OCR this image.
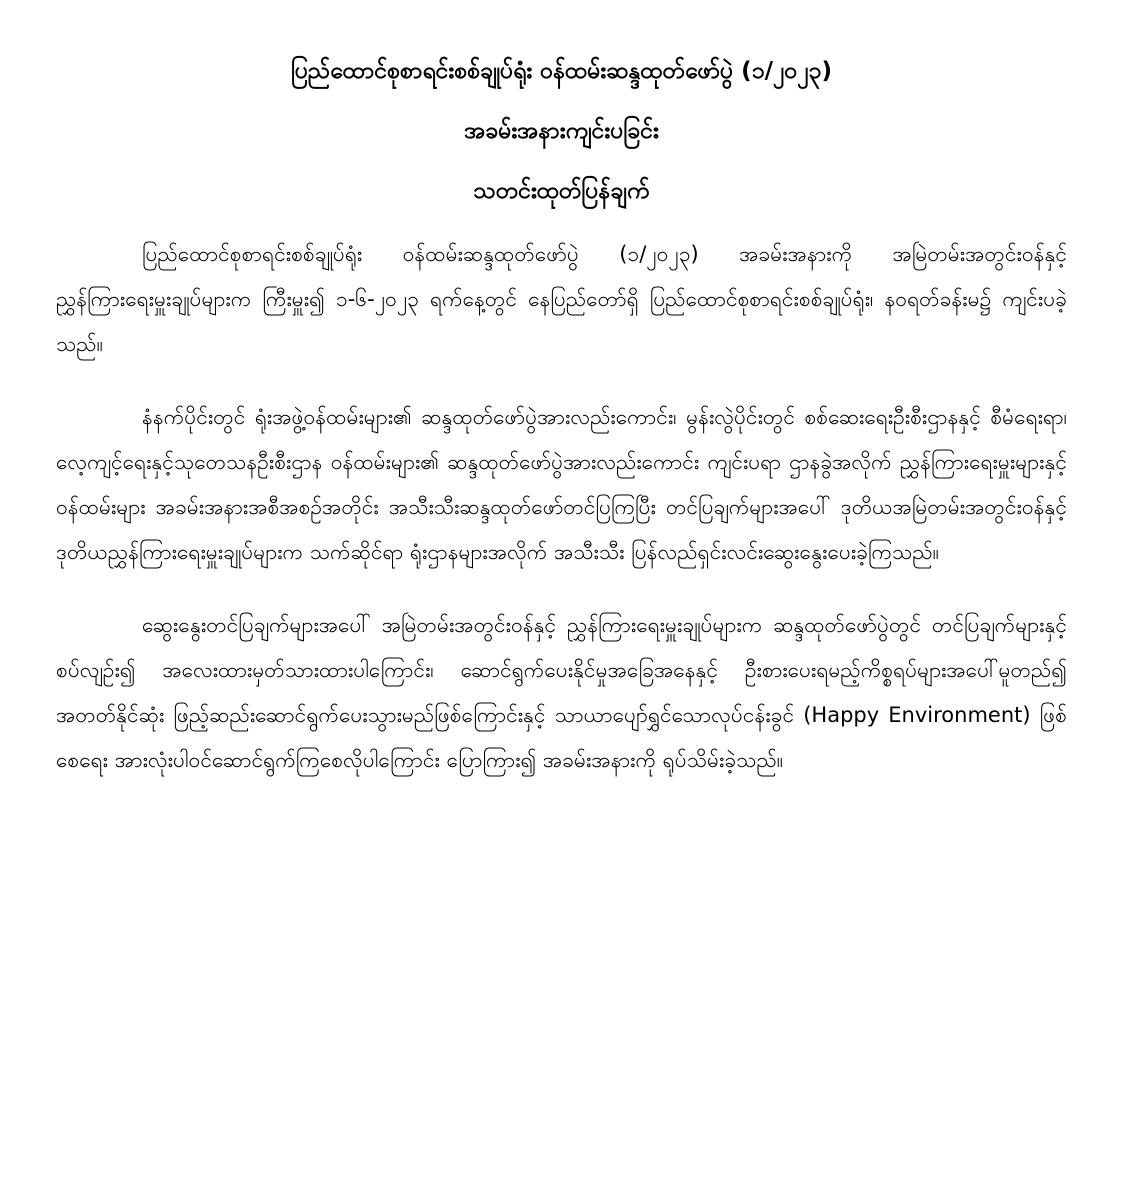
ပြည်ထောင်စုစာရင်းစစ်ချုပ်ရုံး ဝန်ထမ်းဆန္ဒထုတ်ဖော်ပွဲ (၁/၂၀၂၃)
အခမ်းအနားကျင်းပခြင်း
သတင်းထုတ်ပြန်ချက်

ပြည်ထောင်စုစာရင်းစစ်ချုပ်ရုံး ဝန်ထမ်းဆန္ဒထုတ်ဖော်ပွဲ (၁/၂၀၂၃) အခမ်းအနားကို အမြဲတမ်းအတွင်းဝန်နှင့် ညွှန်ကြားရေးမှူးချုပ်များက ကြီးမှူး၍ ၁-၆-၂၀၂၃ ရက်နေ့တွင် နေပြည်တော်ရှိ ပြည်ထောင်စုစာရင်းစစ်ချုပ်ရုံး၊ နဝရတ်ခန်းမ၌ ကျင်းပခဲ့သည်။

နံနက်ပိုင်းတွင် ရုံးအဖွဲ့ဝန်ထမ်းများ၏ ဆန္ဒထုတ်ဖော်ပွဲအားလည်းကောင်း၊ မွန်းလွဲပိုင်းတွင် စစ်ဆေးရေးဦးစီးဌာနနှင့် စီမံရေးရာ၊ လေ့ကျင့်ရေးနှင့်သုတေသနဦးစီးဌာန ဝန်ထမ်းများ၏ ဆန္ဒထုတ်ဖော်ပွဲအားလည်းကောင်း ကျင်းပရာ ဌာနခွဲအလိုက် ညွှန်ကြားရေးမှူးများနှင့် ဝန်ထမ်းများ အခမ်းအနားအစီအစဉ်အတိုင်း အသီးသီးဆန္ဒထုတ်ဖော်တင်ပြကြပြီး တင်ပြချက်များအပေါ် ဒုတိယအမြဲတမ်းအတွင်းဝန်နှင့် ဒုတိယညွှန်ကြားရေးမှူးချုပ်များက သက်ဆိုင်ရာ ရုံးဌာနများအလိုက် အသီးသီး ပြန်လည်ရှင်းလင်းဆွေးနွေးပေးခဲ့ကြသည်။

ဆွေးနွေးတင်ပြချက်များအပေါ် အမြဲတမ်းအတွင်းဝန်နှင့် ညွှန်ကြားရေးမှူးချုပ်များက ဆန္ဒထုတ်ဖော်ပွဲတွင် တင်ပြချက်များနှင့်စပ်လျဉ်း၍ အလေးထားမှတ်သားထားပါကြောင်း၊ ဆောင်ရွက်ပေးနိုင်မှုအခြေအနေနှင့် ဦးစားပေးရမည့်ကိစ္စရပ်များအပေါ်မူတည်၍ အတတ်နိုင်ဆုံး ဖြည့်ဆည်းဆောင်ရွက်ပေးသွားမည်ဖြစ်ကြောင်းနှင့် သာယာပျော်ရွှင်သောလုပ်ငန်းခွင် (Happy Environment) ဖြစ်စေရေး အားလုံးပါဝင်ဆောင်ရွက်ကြစေလိုပါကြောင်း ပြောကြား၍ အခမ်းအနားကို ရုပ်သိမ်းခဲ့သည်။
